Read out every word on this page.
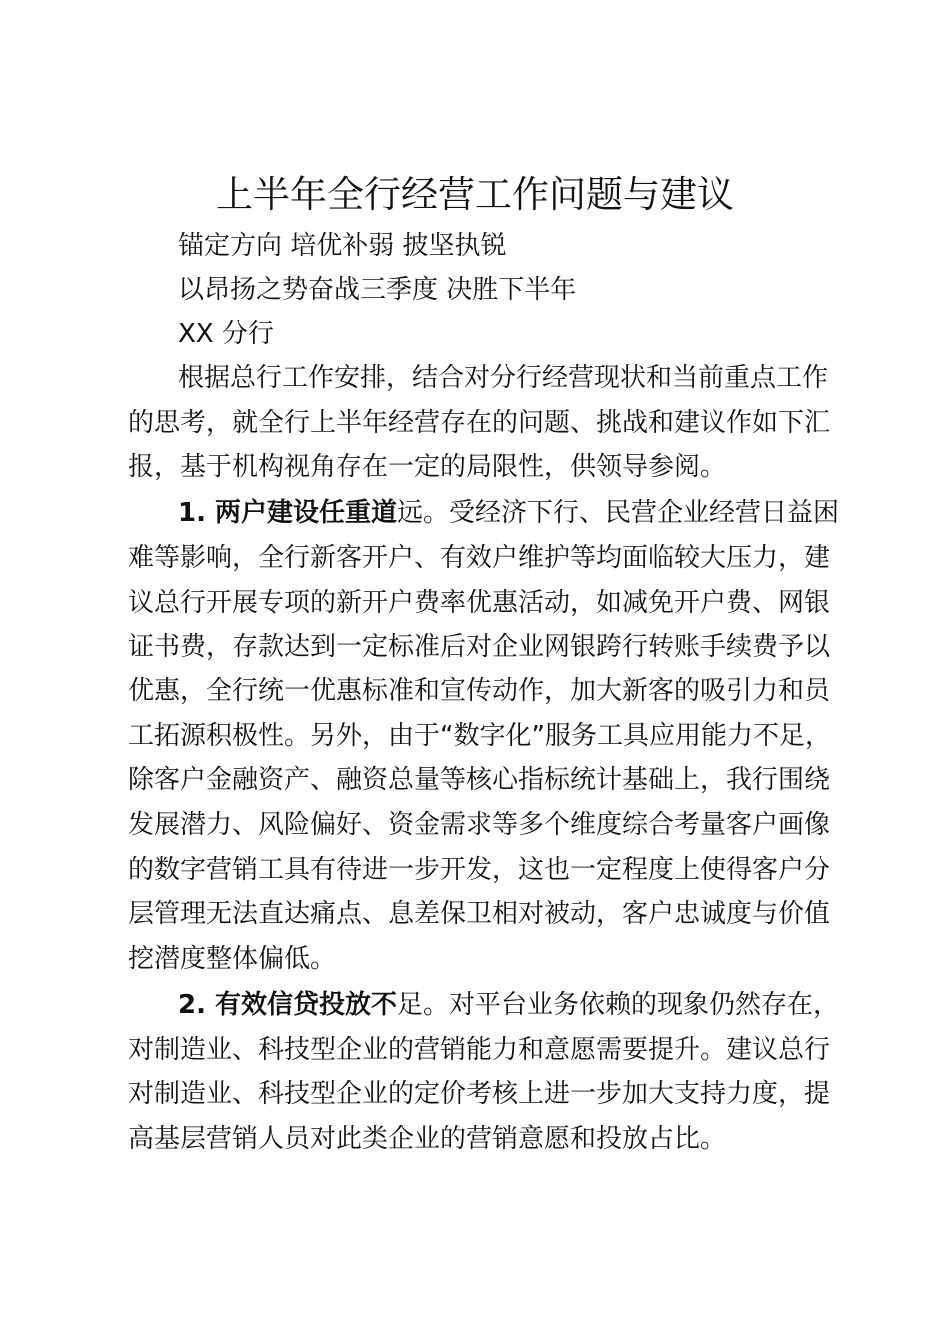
上半年全行经营工作问题与建议

锚定方向 培优补弱 披坚执锐

以昂扬之势奋战三季度 决胜下半年

XX 分行

根据总行工作安排，结合对分行经营现状和当前重点工作

的思考，就全行上半年经营存在的问题、挑战和建议作如下汇

报，基于机构视角存在一定的局限性，供领导参阅。

1. 两户建设任重道远。受经济下行、民营企业经营日益困

难等影响，全行新客开户、有效户维护等均面临较大压力，建

议总行开展专项的新开户费率优惠活动，如减免开户费、网银

证书费，存款达到一定标准后对企业网银跨行转账手续费予以

优惠，全行统一优惠标准和宣传动作，加大新客的吸引力和员

工拓源积极性。另外，由于“数字化”服务工具应用能力不足，

除客户金融资产、融资总量等核心指标统计基础上，我行围绕

发展潜力、风险偏好、资金需求等多个维度综合考量客户画像

的数字营销工具有待进一步开发，这也一定程度上使得客户分

层管理无法直达痛点、息差保卫相对被动，客户忠诚度与价值

挖潜度整体偏低。

2. 有效信贷投放不足。对平台业务依赖的现象仍然存在，

对制造业、科技型企业的营销能力和意愿需要提升。建议总行

对制造业、科技型企业的定价考核上进一步加大支持力度，提

高基层营销人员对此类企业的营销意愿和投放占比。
